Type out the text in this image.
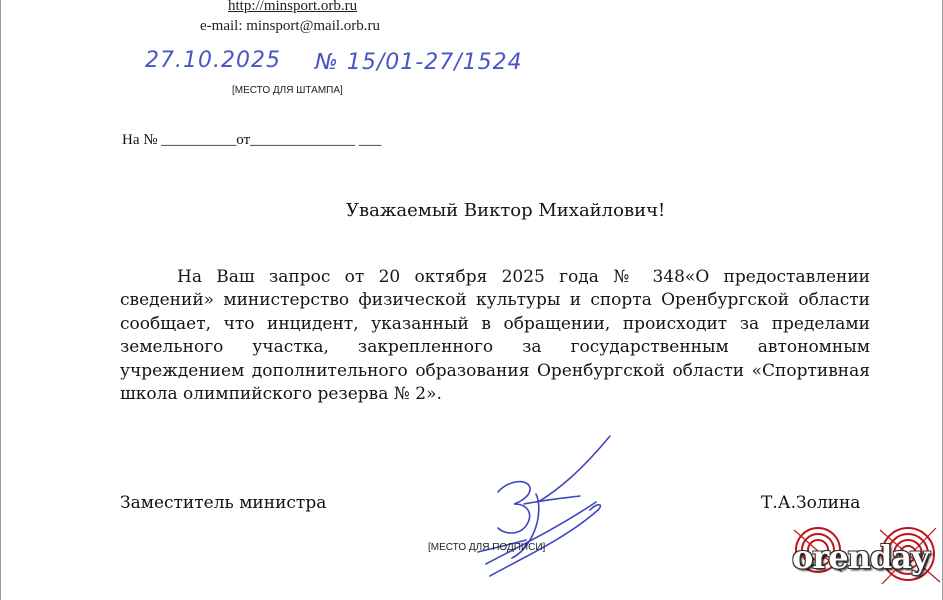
http://minsport.orb.ru
e-mail: minsport@mail.orb.ru
27.10.2025 № 15/01-27/1524
[МЕСТО ДЛЯ ШТАМПА]
На № __________от______________ ___
Уважаемый Виктор Михайлович!
На Ваш запрос от 20 октября 2025 года № 348«О предоставлении сведений» министерство физической культуры и спорта Оренбургской области сообщает, что инцидент, указанный в обращении, происходит за пределами земельного участка, закрепленного за государственным автономным учреждением дополнительного образования Оренбургской области «Спортивная школа олимпийского резерва № 2».
Заместитель министра	Т.А.Золина
[МЕСТО ДЛЯ ПОДПИСИ]	orenday
